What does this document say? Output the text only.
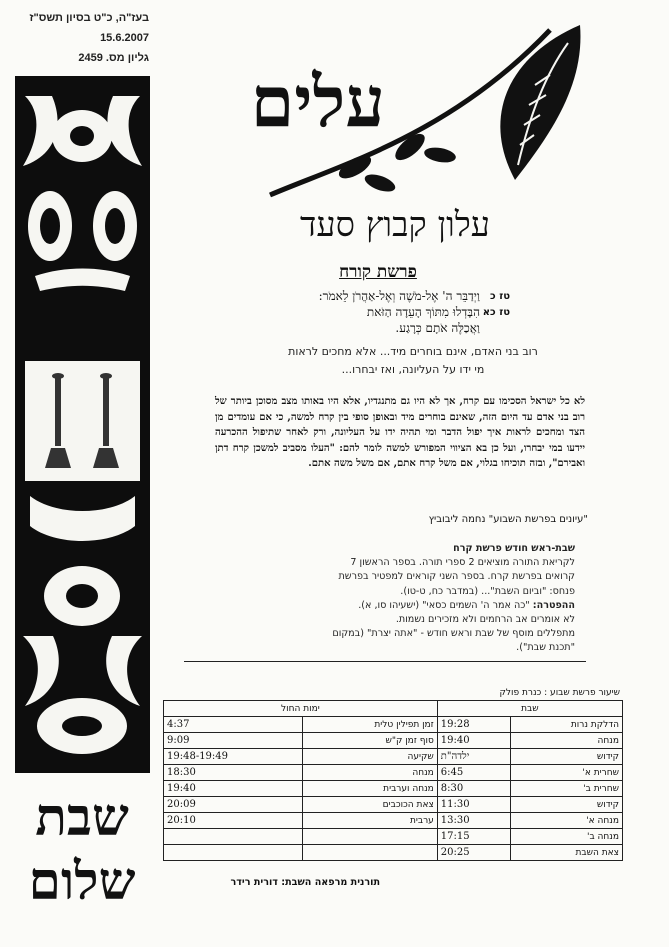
בעז"ה, כ"ט בסיון תשס"ז
15.6.2007
גליון מס. 2459
שבת
שלום
עלים
עלון קבוץ סעד
פרשת קורח
טז כ
וַיְדַבֵּר ה' אֶל-מֹשֶׁה וְאֶל-אַהֲרֹן לֵאמֹר:
טז כא
הִבָּדְלוּ מִתּוֹךְ הָעֵדָה הַזֹּאת
וַאֲכַלֶּה אֹתָם כְּרָגַע.
רוב בני האדם, אינם בוחרים מיד... אלא מחכים לראות
מי ידו על העליונה, ואז יבחרו...
לא כל ישראל הסכימו עם קרח, אך לא היו גם מתנגדיו, אלא היו באותו מצב מסוכן ביותר של רוב בני אדם עד היום הזה, שאינם בוחרים מיד ובאופן סופי בין קרח למשה, כי אם עומדים מן הצד ומחכים לראות איך יפול הדבר ומי תהיה ידו על העליונה, ורק לאחר שתיפול ההכרעה יידעו במי יבחרו, ועל כן בא הציווי המפורש למשה לומר להם: "העלו מסביב למשכן קרח דתן ואבירם", ובזה תוכיחו בגלוי, אם משל קרח אתם, אם משל משה אתם.
"עיונים בפרשת השבוע" נחמה ליבוביץ
שבת-ראש חודש פרשת קרח
לקריאת התורה מוציאים 2 ספרי תורה. בספר הראשון 7
קרואים בפרשת קרח. בספר השני קוראים למפטיר בפרשת
פנחס: "וביום השבת"... (במדבר כח, ט-טו).
ההפטרה: "כה אמר ה' השמים כסאי" (ישעיהו סו, א).
לא אומרים אב הרחמים ולא מזכירים נשמות.
מתפללים מוסף של שבת וראש חודש - "אתה יצרת" (במקום
"תכנת שבת").
שיעור פרשת שבוע : כנרת פולק
שבת		ימות החול	
הדלקת נרות	19:28	זמן תפילין טלית	4:37
מנחה	19:40	סוף זמן ק"ש	9:09
קידוש	ילדה"ת	שקיעה	19:48-19:49
שחרית א'	6:45	מנחה	18:30
שחרית ב'	8:30	מנחה וערבית	19:40
קידוש	11:30	צאת הכוכבים	20:09
מנחה א'	13:30	ערבית	20:10
מנחה ב'	17:15		
צאת השבת	20:25		
תורנית מרפאה השבת: דורית רידר
